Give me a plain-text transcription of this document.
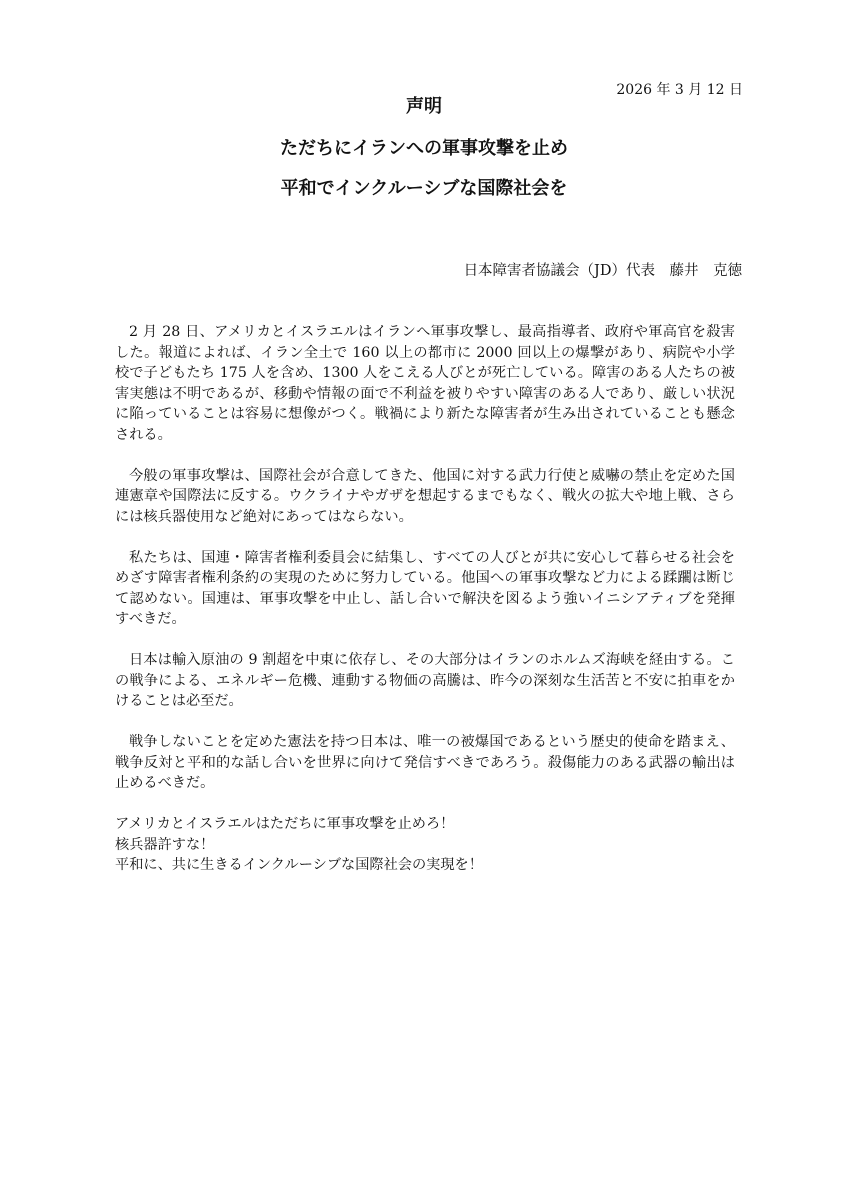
2026 年 3 月 12 日
声明
ただちにイランへの軍事攻撃を止め
平和でインクルーシブな国際社会を
日本障害者協議会（JD）代表　藤井　克徳

2 月 28 日、アメリカとイスラエルはイランへ軍事攻撃し、最高指導者、政府や軍高官を殺害した。報道によれば、イラン全土で 160 以上の都市に 2000 回以上の爆撃があり、病院や小学校で子どもたち 175 人を含め、1300 人をこえる人びとが死亡している。障害のある人たちの被害実態は不明であるが、移動や情報の面で不利益を被りやすい障害のある人であり、厳しい状況に陥っていることは容易に想像がつく。戦禍により新たな障害者が生み出されていることも懸念される。

今般の軍事攻撃は、国際社会が合意してきた、他国に対する武力行使と威嚇の禁止を定めた国連憲章や国際法に反する。ウクライナやガザを想起するまでもなく、戦火の拡大や地上戦、さらには核兵器使用など絶対にあってはならない。

私たちは、国連・障害者権利委員会に結集し、すべての人びとが共に安心して暮らせる社会をめざす障害者権利条約の実現のために努力している。他国への軍事攻撃など力による蹂躙は断じて認めない。国連は、軍事攻撃を中止し、話し合いで解決を図るよう強いイニシアティブを発揮すべきだ。

日本は輸入原油の 9 割超を中東に依存し、その大部分はイランのホルムズ海峡を経由する。この戦争による、エネルギー危機、連動する物価の高騰は、昨今の深刻な生活苦と不安に拍車をかけることは必至だ。

戦争しないことを定めた憲法を持つ日本は、唯一の被爆国であるという歴史的使命を踏まえ、戦争反対と平和的な話し合いを世界に向けて発信すべきであろう。殺傷能力のある武器の輸出は止めるべきだ。

アメリカとイスラエルはただちに軍事攻撃を止めろ！
核兵器許すな！
平和に、共に生きるインクルーシブな国際社会の実現を！
